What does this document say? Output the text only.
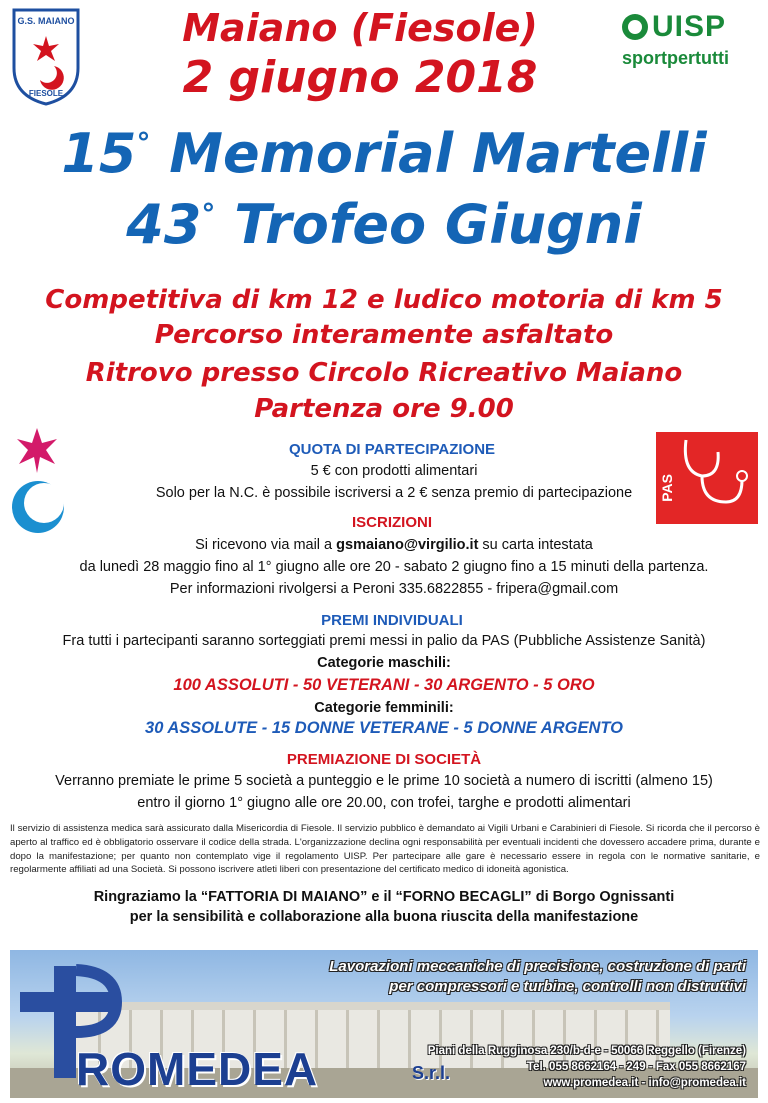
G.S. MAIANO
FIESOLE
UISP
sportpertutti
Maiano (Fiesole)
2 giugno 2018
15° Memorial Martelli
43° Trofeo Giugni
Competitiva di km 12 e ludico motoria di km 5
Percorso interamente asfaltato
Ritrovo presso Circolo Ricreativo Maiano
Partenza ore 9.00
PAS
QUOTA DI PARTECIPAZIONE
5 € con prodotti alimentari
Solo per la N.C. è possibile iscriversi a 2 € senza premio di partecipazione
ISCRIZIONI
Si ricevono via mail a gsmaiano@virgilio.it su carta intestata
da lunedì 28 maggio fino al 1° giugno alle ore 20 - sabato 2 giugno fino a 15 minuti della partenza.
Per informazioni rivolgersi a Peroni 335.6822855 - fripera@gmail.com
PREMI INDIVIDUALI
Fra tutti i partecipanti saranno sorteggiati premi messi in palio da PAS (Pubbliche Assistenze Sanità)
Categorie maschili:
100 ASSOLUTI - 50 VETERANI - 30 ARGENTO - 5 ORO
Categorie femminili:
30 ASSOLUTE - 15 DONNE VETERANE - 5 DONNE ARGENTO
PREMIAZIONE DI SOCIETÀ
Verranno premiate le prime 5 società a punteggio e le prime 10 società a numero di iscritti (almeno 15)
entro il giorno 1° giugno alle ore 20.00, con trofei, targhe e prodotti alimentari
Il servizio di assistenza medica sarà assicurato dalla Misericordia di Fiesole. Il servizio pubblico è demandato ai Vigili Urbani e Carabinieri di Fiesole. Si ricorda che il percorso è aperto al traffico ed è obbligatorio osservare il codice della strada. L'organizzazione declina ogni responsabilità per eventuali incidenti che dovessero accadere prima, durante e dopo la manifestazione; per quanto non contemplato vige il regolamento UISP. Per partecipare alle gare è necessario essere in regola con le normative sanitarie, e regolarmente affiliati ad una Società. Si possono iscrivere atleti liberi con presentazione del certificato medico di idoneità agonistica.
Ringraziamo la “FATTORIA DI MAIANO” e il “FORNO BECAGLI” di Borgo Ognissanti
per la sensibilità e collaborazione alla buona riuscita della manifestazione
Lavorazioni meccaniche di precisione, costruzione di parti
per compressori e turbine, controlli non distruttivi
ROMEDEA	S.r.l.
Piani della Rugginosa 230/b-d-e - 50066 Reggello (Firenze)
Tel. 055 8662164 - 249 - Fax 055 8662167
www.promedea.it - info@promedea.it
